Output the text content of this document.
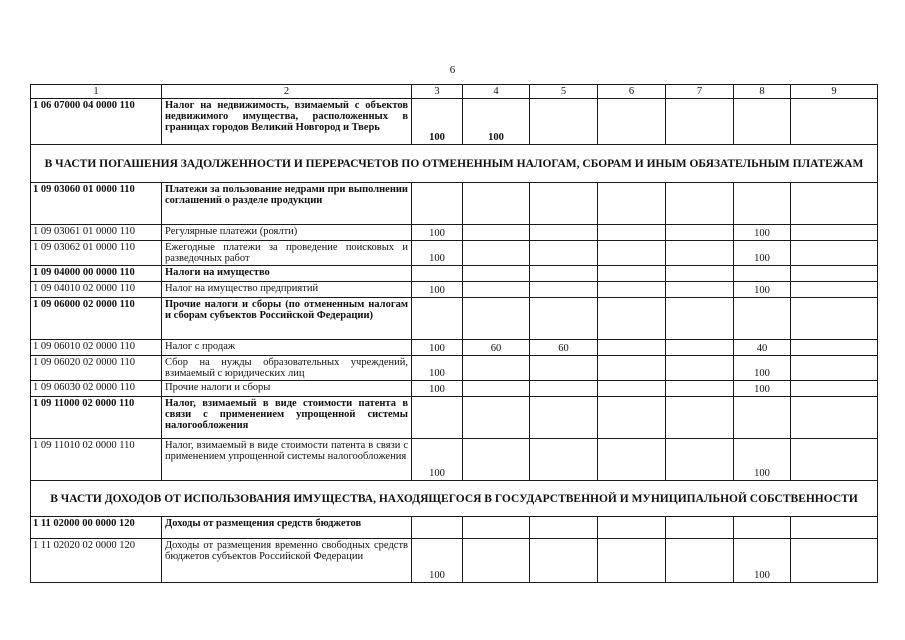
6
1	2	3	4	5	6	7	8	9
1 06 07000 04 0000 110	Налог на недвижимость, взимаемый с объектов недвижимого имущества, расположенных в границах городов Великий Новгород и Тверь	100	100					
В ЧАСТИ ПОГАШЕНИЯ ЗАДОЛЖЕННОСТИ И ПЕРЕРАСЧЕТОВ ПО ОТМЕНЕННЫМ НАЛОГАМ, СБОРАМ И ИНЫМ ОБЯЗАТЕЛЬНЫМ ПЛАТЕЖАМ								
1 09 03060 01 0000 110	Платежи за пользование недрами при выполнении соглашений о разделе продукции							
1 09 03061 01 0000 110	Регулярные платежи (роялти)	100					100	
1 09 03062 01 0000 110	Ежегодные платежи за проведение поисковых и разведочных работ	100					100	
1 09 04000 00 0000 110	Налоги на имущество							
1 09 04010 02 0000 110	Налог на имущество предприятий	100					100	
1 09 06000 02 0000 110	Прочие налоги и сборы (по отмененным налогам и сборам субъектов Российской Федерации)							
1 09 06010 02 0000 110	Налог с продаж	100	60	60			40	
1 09 06020 02 0000 110	Сбор на нужды образовательных учреждений, взимаемый с юридических лиц	100					100	
1 09 06030 02 0000 110	Прочие налоги и сборы	100					100	
1 09 11000 02 0000 110	Налог, взимаемый в виде стоимости патента в связи с применением упрощенной системы налогообложения							
1 09 11010 02 0000 110	Налог, взимаемый в виде стоимости патента в связи с применением упрощенной системы налогообложения	100					100	
В ЧАСТИ ДОХОДОВ ОТ ИСПОЛЬЗОВАНИЯ ИМУЩЕСТВА, НАХОДЯЩЕГОСЯ В ГОСУДАРСТВЕННОЙ И МУНИЦИПАЛЬНОЙ СОБСТВЕННОСТИ								
1 11 02000 00 0000 120	Доходы от размещения средств бюджетов							
1 11 02020 02 0000 120	Доходы от размещения временно свободных средств бюджетов субъектов Российской Федерации	100					100	
